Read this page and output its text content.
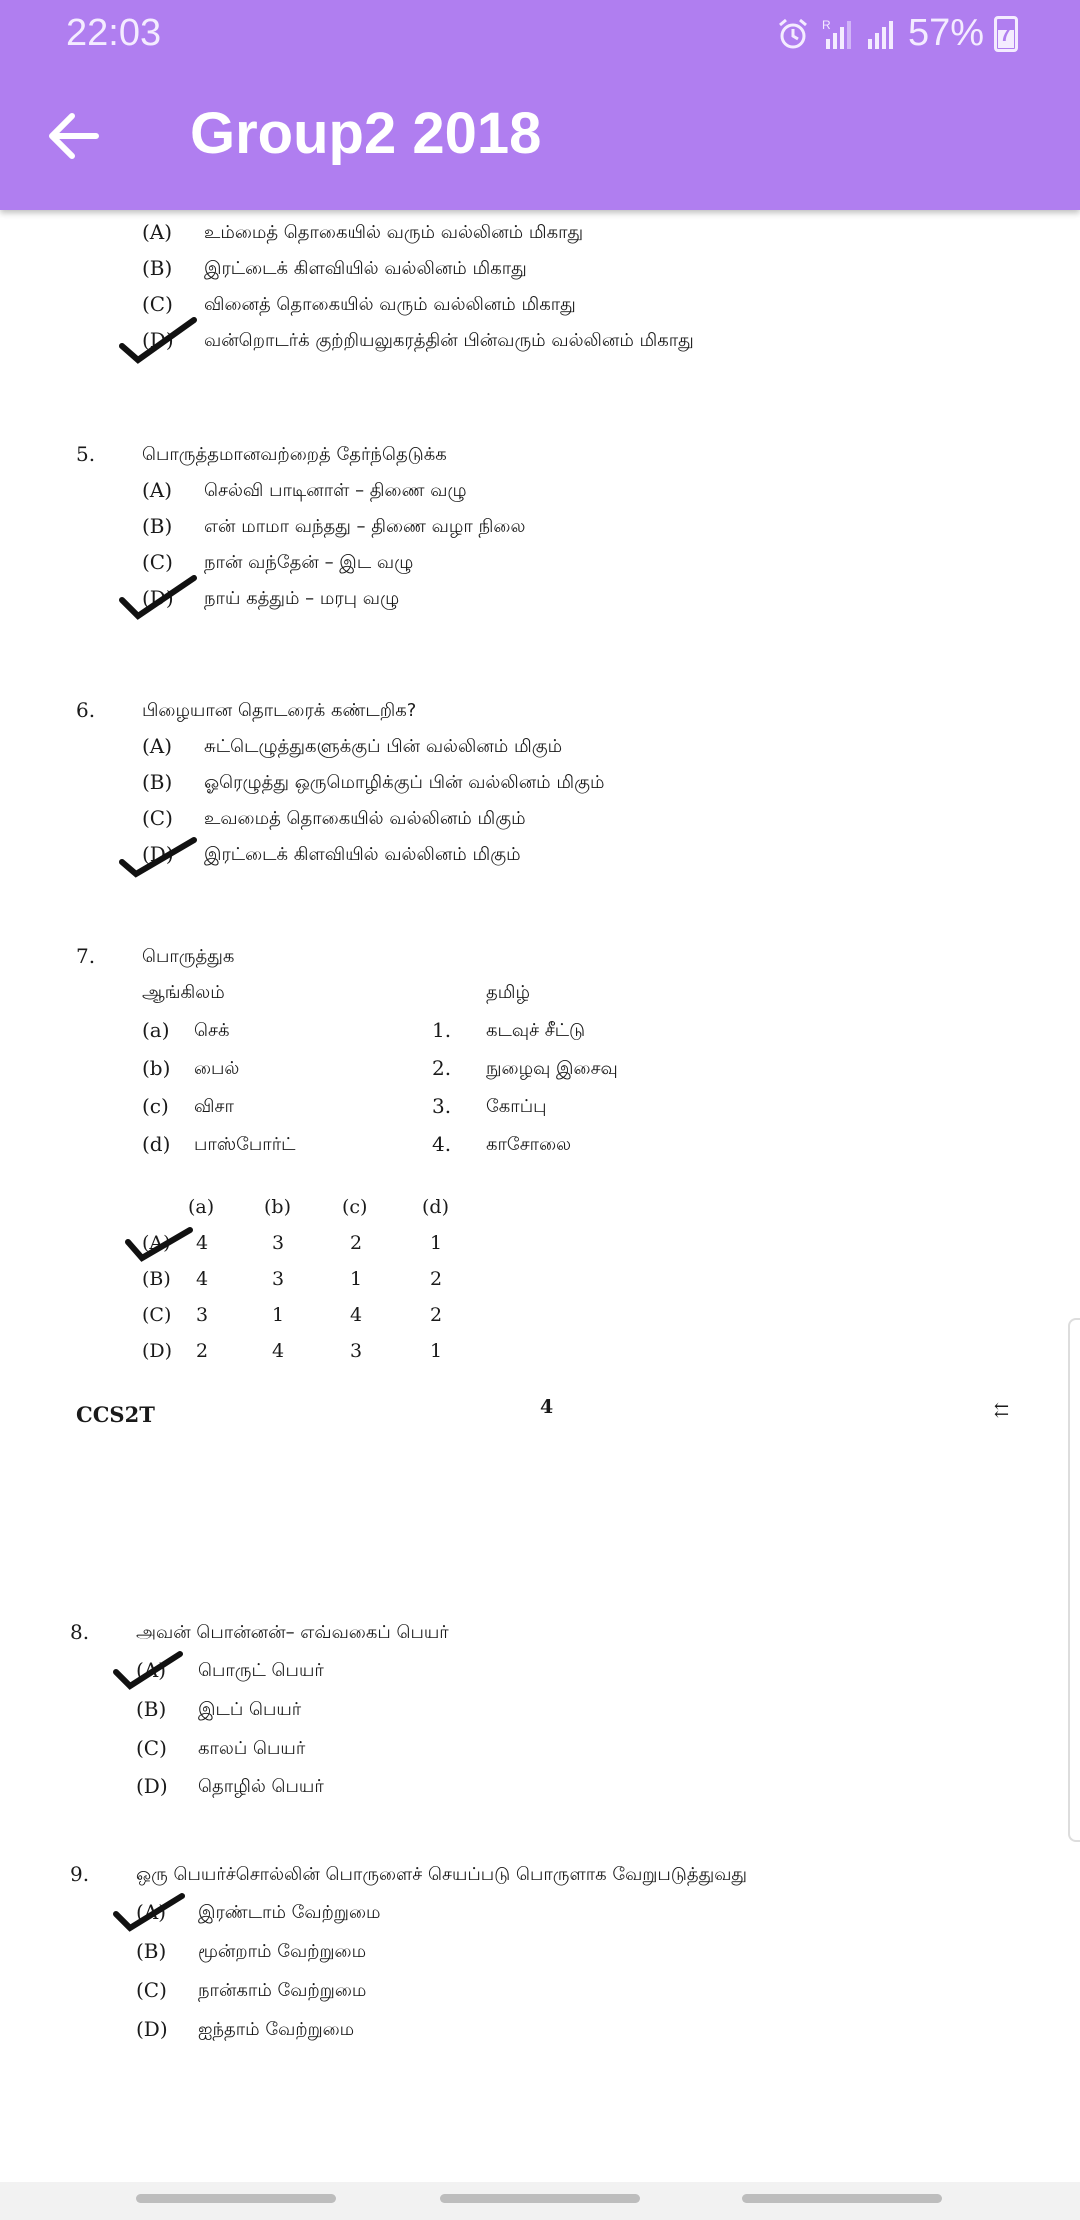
22:03	R 57% 7
Group2 2018
(A) உம்மைத் தொகையில் வரும் வல்லினம் மிகாது
(B) இரட்டைக் கிளவியில் வல்லினம் மிகாது
(C) வினைத் தொகையில் வரும் வல்லினம் மிகாது
(D) வன்றொடர்க் குற்றியலுகரத்தின் பின்வரும் வல்லினம் மிகாது
5.	பொருத்தமானவற்றைத் தேர்ந்தெடுக்க
(A) செல்வி பாடினாள் – திணை வழு
(B) என் மாமா வந்தது – திணை வழா நிலை
(C) நான் வந்தேன் – இட வழு
(D) நாய் கத்தும் – மரபு வழு
6.	பிழையான தொடரைக் கண்டறிக?
(A) சுட்டெழுத்துகளுக்குப் பின் வல்லினம் மிகும்
(B) ஓரெழுத்து ஒருமொழிக்குப் பின் வல்லினம் மிகும்
(C) உவமைத் தொகையில் வல்லினம் மிகும்
(D) இரட்டைக் கிளவியில் வல்லினம் மிகும்
7.	பொருத்துக
ஆங்கிலம்	தமிழ்
(a) செக்	1. கடவுச் சீட்டு
(b) பைல்	2. நுழைவு இசைவு
(c) விசா	3. கோப்பு
(d) பாஸ்போர்ட்	4. காசோலை
(a)	(b)	(c)	(d)
(A) 4	3	2	1
(B) 4	3	1	2
(C) 3	1	4	2
(D) 2	4	3	1
CCS2T	4	⇇
8.	அவன் பொன்னன்– எவ்வகைப் பெயர்
(A) பொருட் பெயர்
(B) இடப் பெயர்
(C) காலப் பெயர்
(D) தொழில் பெயர்
9.	ஒரு பெயர்ச்சொல்லின் பொருளைச் செயப்படு பொருளாக வேறுபடுத்துவது
(A) இரண்டாம் வேற்றுமை
(B) மூன்றாம் வேற்றுமை
(C) நான்காம் வேற்றுமை
(D) ஐந்தாம் வேற்றுமை
